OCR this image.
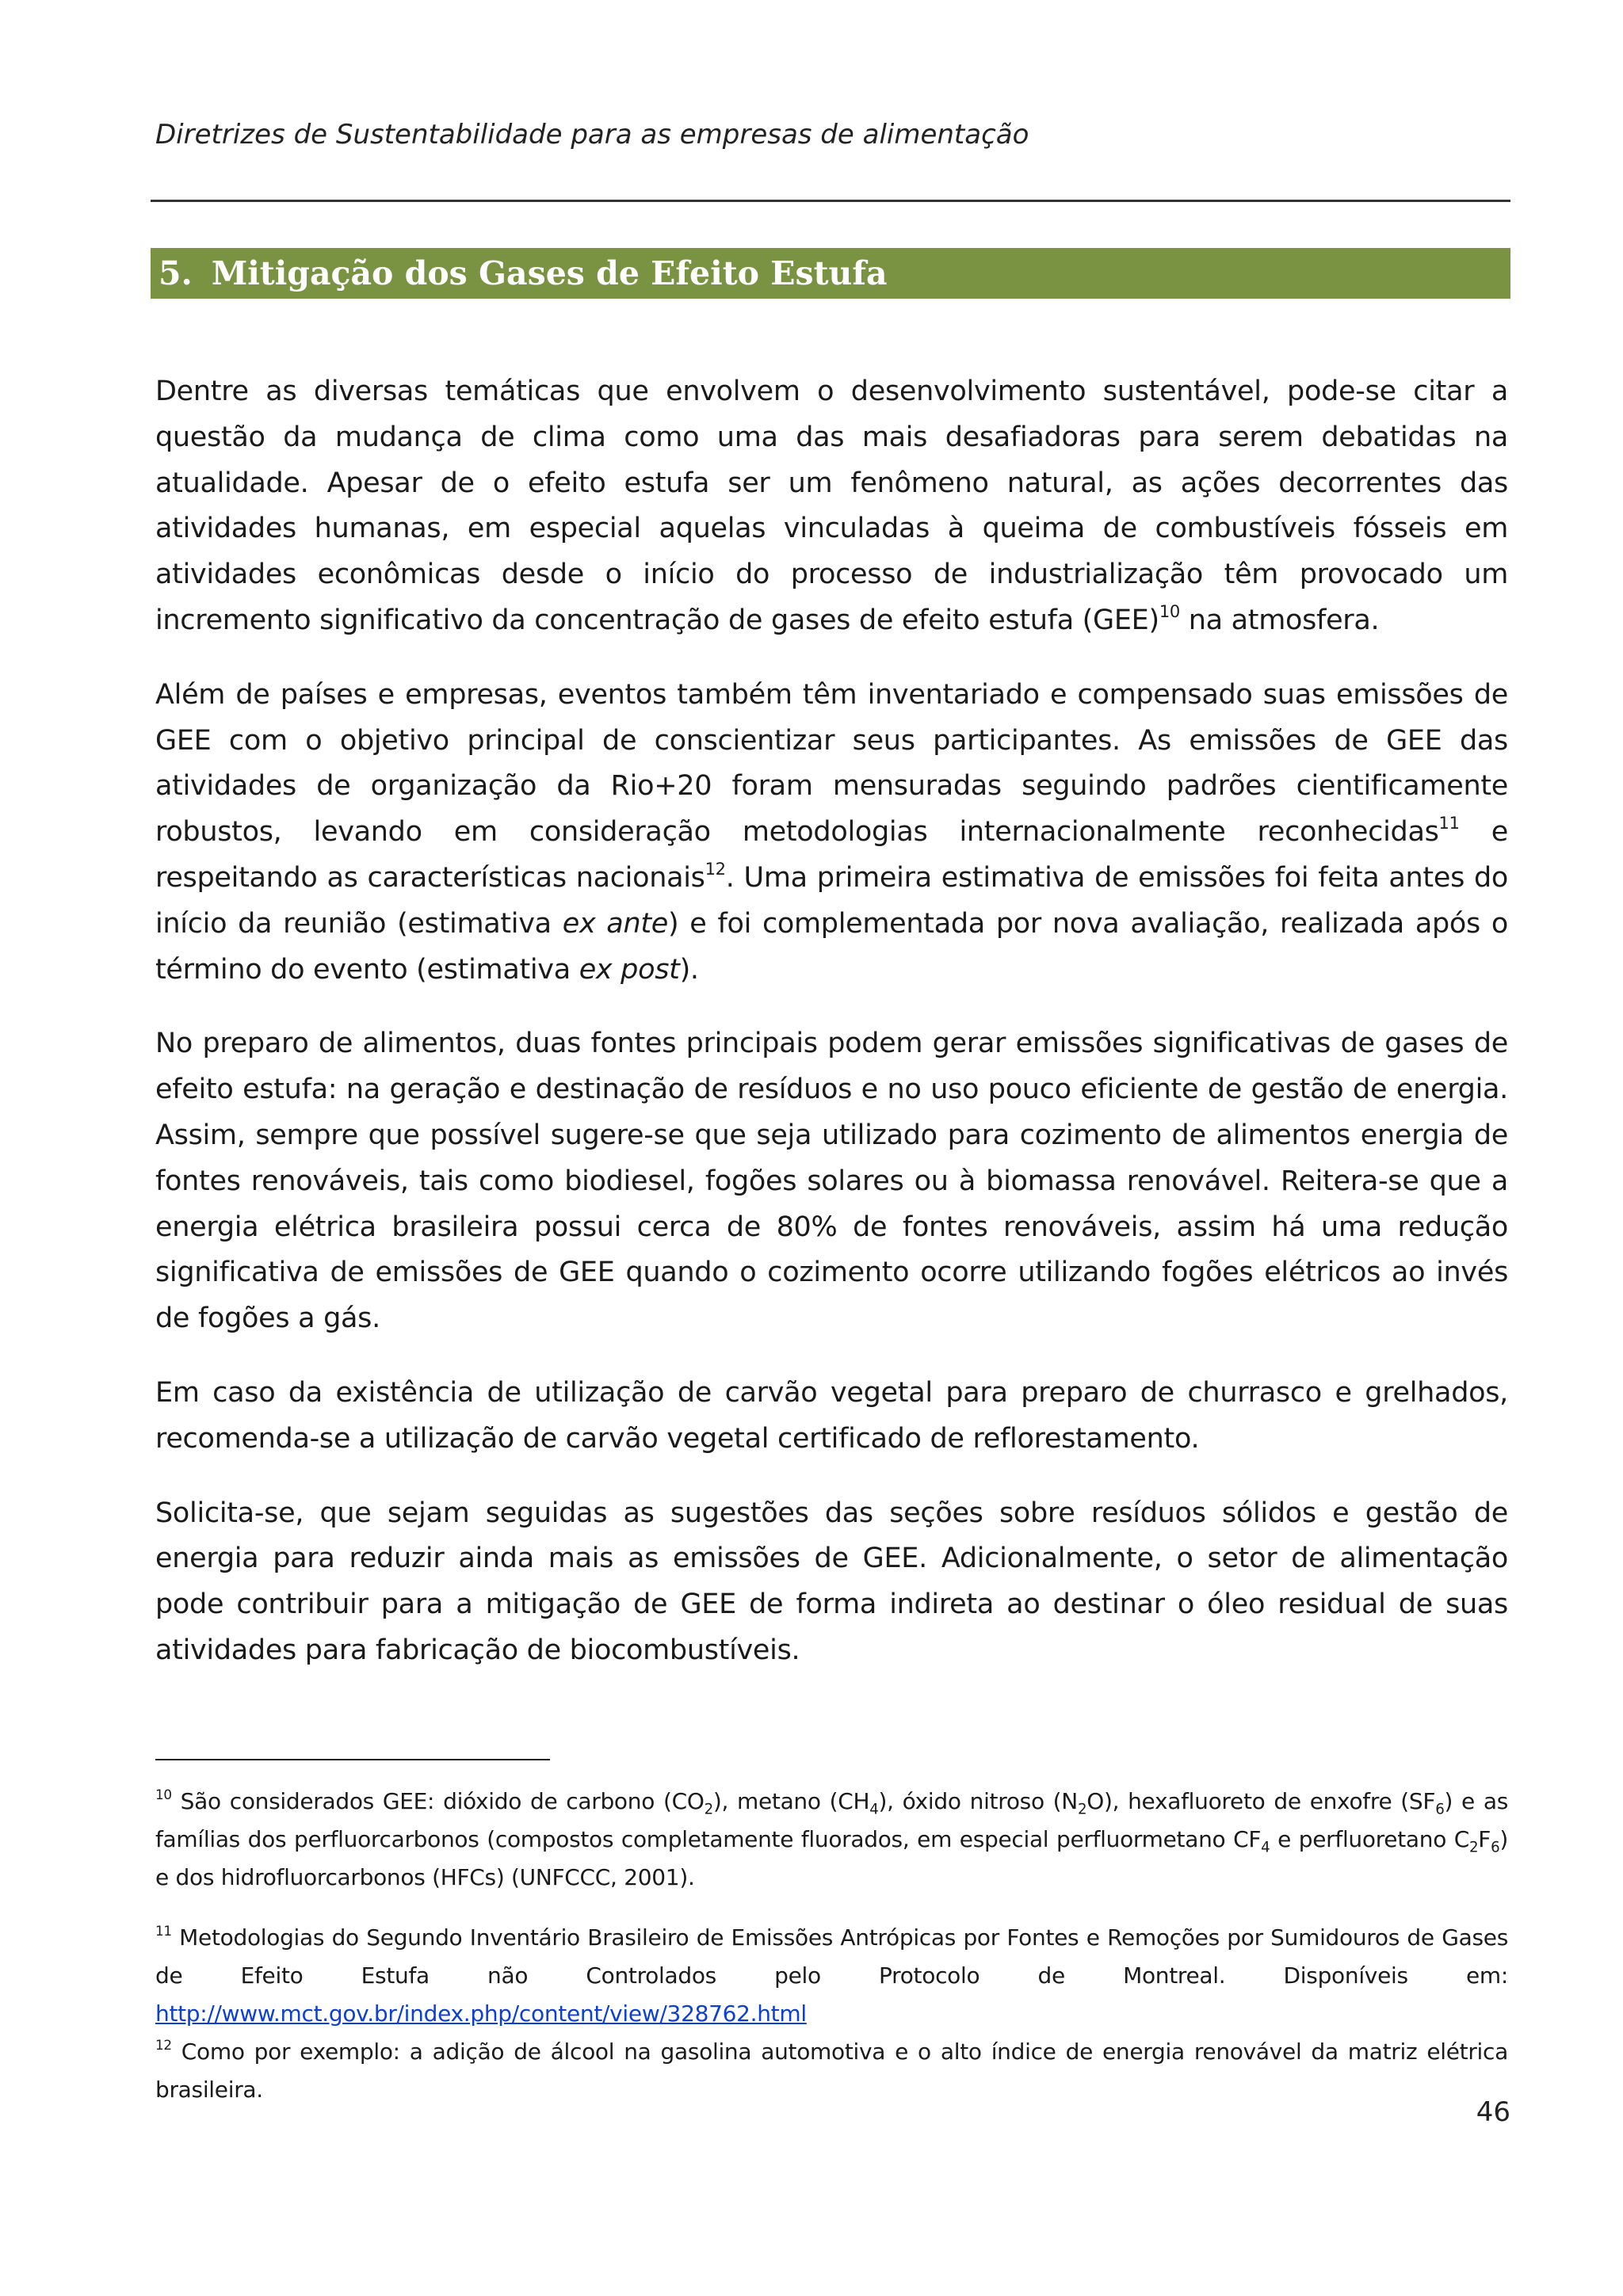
Diretrizes de Sustentabilidade para as empresas de alimentação
5. Mitigação dos Gases de Efeito Estufa

Dentre as diversas temáticas que envolvem o desenvolvimento sustentável, pode-se citar a questão da mudança de clima como uma das mais desafiadoras para serem debatidas na atualidade. Apesar de o efeito estufa ser um fenômeno natural, as ações decorrentes das atividades humanas, em especial aquelas vinculadas à queima de combustíveis fósseis em atividades econômicas desde o início do processo de industrialização têm provocado um incremento significativo da concentração de gases de efeito estufa (GEE)$^{10}$ na atmosfera.

Além de países e empresas, eventos também têm inventariado e compensado suas emissões de GEE com o objetivo principal de conscientizar seus participantes. As emissões de GEE das atividades de organização da Rio+20 foram mensuradas seguindo padrões cientificamente robustos, levando em consideração metodologias internacionalmente reconhecidas$^{11}$ e respeitando as características nacionais$^{12}$. Uma primeira estimativa de emissões foi feita antes do início da reunião (estimativa ex ante) e foi complementada por nova avaliação, realizada após o término do evento (estimativa ex post).

No preparo de alimentos, duas fontes principais podem gerar emissões significativas de gases de efeito estufa: na geração e destinação de resíduos e no uso pouco eficiente de gestão de energia. Assim, sempre que possível sugere-se que seja utilizado para cozimento de alimentos energia de fontes renováveis, tais como biodiesel, fogões solares ou à biomassa renovável. Reitera-se que a energia elétrica brasileira possui cerca de 80% de fontes renováveis, assim há uma redução significativa de emissões de GEE quando o cozimento ocorre utilizando fogões elétricos ao invés de fogões a gás.

Em caso da existência de utilização de carvão vegetal para preparo de churrasco e grelhados, recomenda-se a utilização de carvão vegetal certificado de reflorestamento.

Solicita-se, que sejam seguidas as sugestões das seções sobre resíduos sólidos e gestão de energia para reduzir ainda mais as emissões de GEE. Adicionalmente, o setor de alimentação pode contribuir para a mitigação de GEE de forma indireta ao destinar o óleo residual de suas atividades para fabricação de biocombustíveis.

$^{10}$ São considerados GEE: dióxido de carbono $(CO_2)$, metano $(CH_4)$, óxido nitroso $(N_2O)$, hexafluoreto de enxofre $(SF_6)$ e as famílias dos perfluorcarbonos (compostos completamente fluorados, em especial perfluormetano $CF_4$ e perfluoretano $C_2F_6$) e dos hidrofluorcarbonos (HFCs) (UNFCCC, 2001).
$^{11}$ Metodologias do Segundo Inventário Brasileiro de Emissões Antrópicas por Fontes e Remoções por Sumidouros de Gases de Efeito Estufa não Controlados pelo Protocolo de Montreal. Disponíveis em: http://www.mct.gov.br/index.php/content/view/328762.html
$^{12}$ Como por exemplo: a adição de álcool na gasolina automotiva e o alto índice de energia renovável da matriz elétrica brasileira.
46
